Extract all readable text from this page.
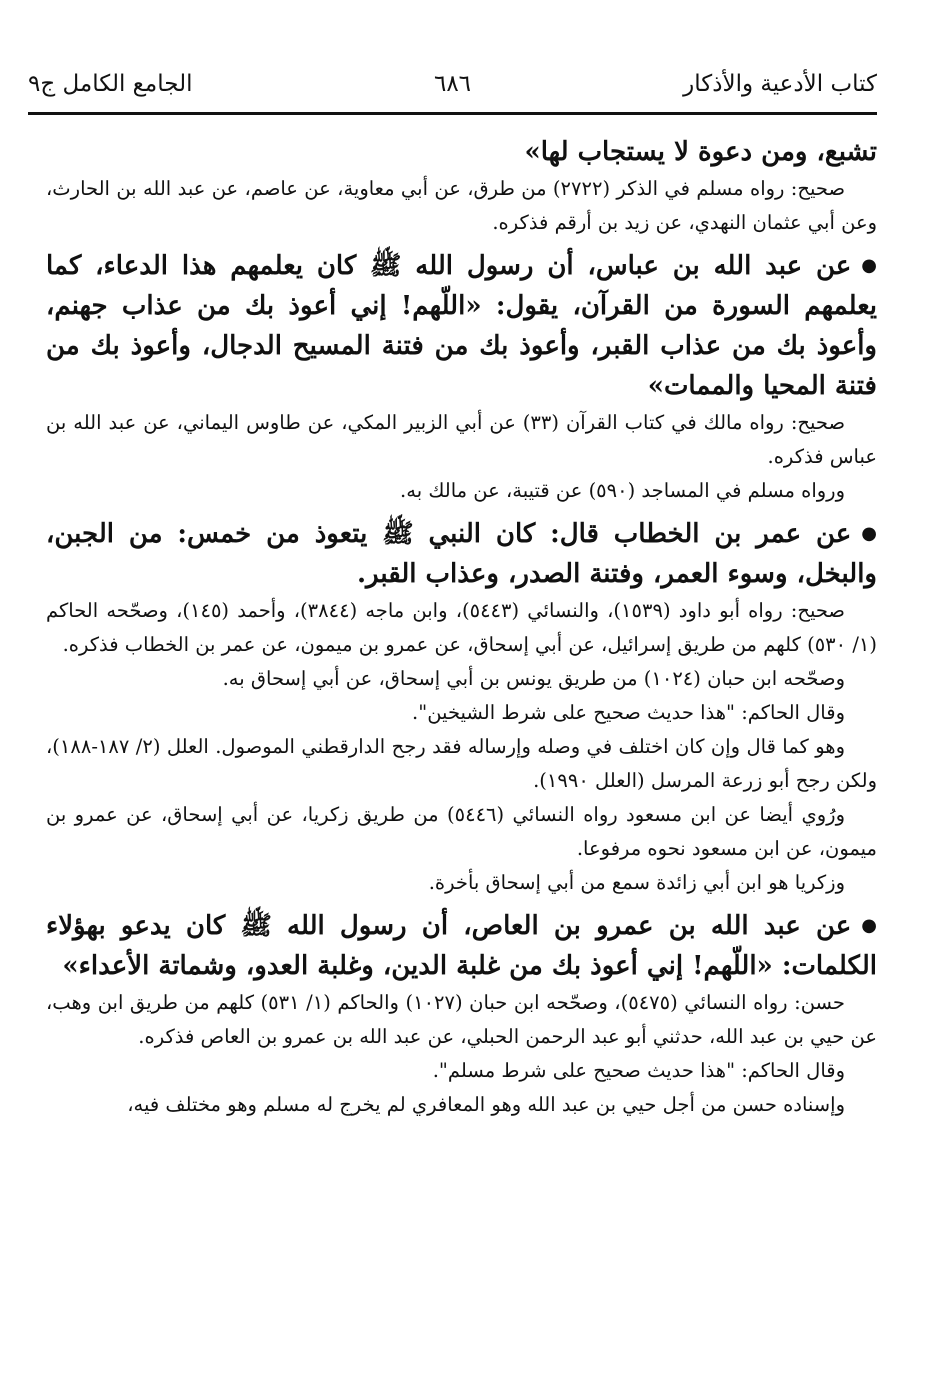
كتاب الأدعية والأذكار
٦٨٦
الجامع الكامل ج٩

تشبع، ومن دعوة لا يستجاب لها»

صحيح: رواه مسلم في الذكر (٢٧٢٢) من طرق، عن أبي معاوية، عن عاصم، عن عبد الله بن الحارث، وعن أبي عثمان النهدي، عن زيد بن أرقم فذكره.

●عن عبد الله بن عباس، أن رسول الله ﷺ كان يعلمهم هذا الدعاء، كما يعلمهم السورة من القرآن، يقول: «اللّهم! إني أعوذ بك من عذاب جهنم، وأعوذ بك من عذاب القبر، وأعوذ بك من فتنة المسيح الدجال، وأعوذ بك من فتنة المحيا والممات»

صحيح: رواه مالك في كتاب القرآن (٣٣) عن أبي الزبير المكي، عن طاوس اليماني، عن عبد الله بن عباس فذكره.

ورواه مسلم في المساجد (٥٩٠) عن قتيبة، عن مالك به.

●عن عمر بن الخطاب قال: كان النبي ﷺ يتعوذ من خمس: من الجبن، والبخل، وسوء العمر، وفتنة الصدر، وعذاب القبر.

صحيح: رواه أبو داود (١٥٣٩)، والنسائي (٥٤٤٣)، وابن ماجه (٣٨٤٤)، وأحمد (١٤٥)، وصحّحه الحاكم (١/ ٥٣٠) كلهم من طريق إسرائيل، عن أبي إسحاق، عن عمرو بن ميمون، عن عمر بن الخطاب فذكره.

وصحّحه ابن حبان (١٠٢٤) من طريق يونس بن أبي إسحاق، عن أبي إسحاق به.

وقال الحاكم: "هذا حديث صحيح على شرط الشيخين".

وهو كما قال وإن كان اختلف في وصله وإرساله فقد رجح الدارقطني الموصول. العلل (٢/ ١٨٧-١٨٨)، ولكن رجح أبو زرعة المرسل (العلل ١٩٩٠).

ورُوي أيضا عن ابن مسعود رواه النسائي (٥٤٤٦) من طريق زكريا، عن أبي إسحاق، عن عمرو بن ميمون، عن ابن مسعود نحوه مرفوعا.

وزكريا هو ابن أبي زائدة سمع من أبي إسحاق بأخرة.

●عن عبد الله بن عمرو بن العاص، أن رسول الله ﷺ كان يدعو بهؤلاء الكلمات: «اللّهم! إني أعوذ بك من غلبة الدين، وغلبة العدو، وشماتة الأعداء»

حسن: رواه النسائي (٥٤٧٥)، وصحّحه ابن حبان (١٠٢٧) والحاكم (١/ ٥٣١) كلهم من طريق ابن وهب، عن حيي بن عبد الله، حدثني أبو عبد الرحمن الحبلي، عن عبد الله بن عمرو بن العاص فذكره.

وقال الحاكم: "هذا حديث صحيح على شرط مسلم".

وإسناده حسن من أجل حيي بن عبد الله وهو المعافري لم يخرج له مسلم وهو مختلف فيه،
